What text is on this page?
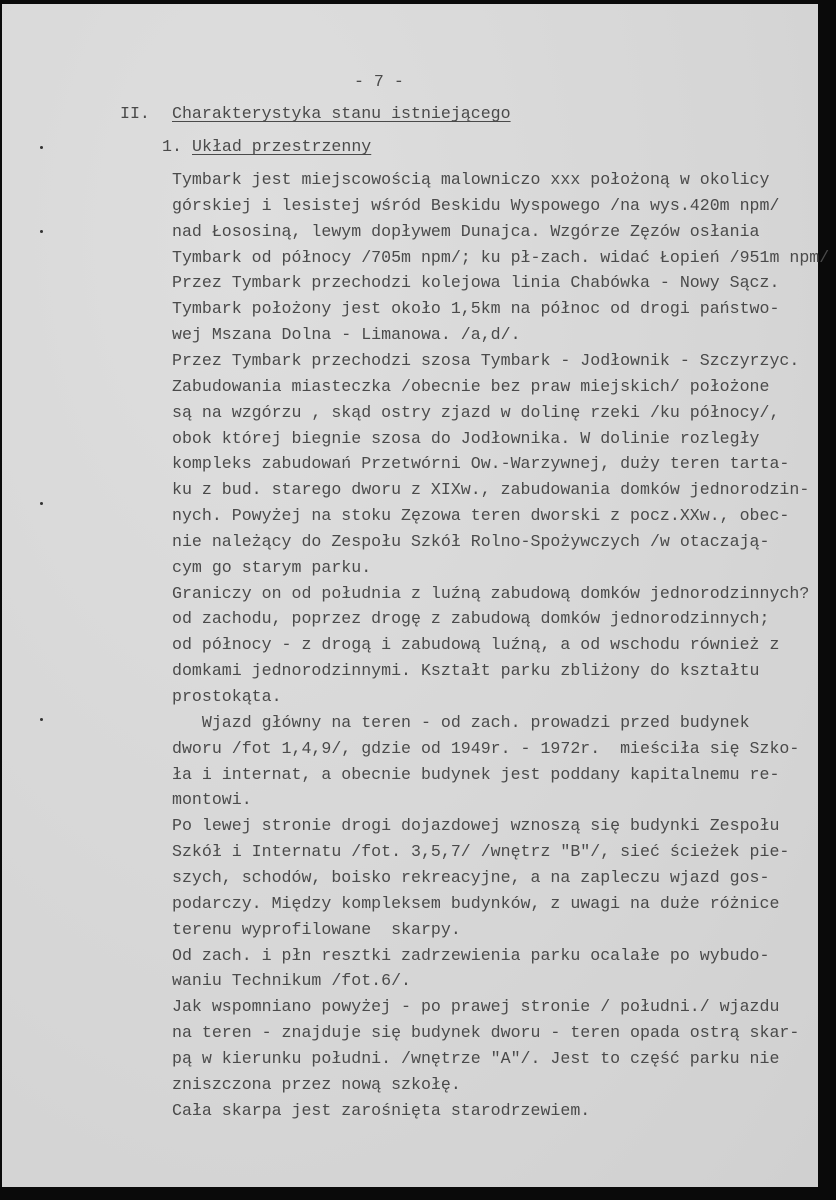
- 7 -
II. Charakterystyka stanu istniejącego
1. Układ przestrzenny
Tymbark jest miejscowością malowniczo xxx położoną w okolicy
górskiej i lesistej wśród Beskidu Wyspowego /na wys.420m npm/
nad Łososiną, lewym dopływem Dunajca. Wzgórze Zęzów osłania
Tymbark od północy /705m npm/; ku pł-zach. widać Łopień /951m npm/
Przez Tymbark przechodzi kolejowa linia Chabówka - Nowy Sącz.
Tymbark położony jest około 1,5km na północ od drogi państwo-
wej Mszana Dolna - Limanowa. /a,d/.
Przez Tymbark przechodzi szosa Tymbark - Jodłownik - Szczyrzyc.
Zabudowania miasteczka /obecnie bez praw miejskich/ położone
są na wzgórzu , skąd ostry zjazd w dolinę rzeki /ku północy/,
obok której biegnie szosa do Jodłownika. W dolinie rozległy
kompleks zabudowań Przetwórni Ow.-Warzywnej, duży teren tarta-
ku z bud. starego dworu z XIXw., zabudowania domków jednorodzin-
nych. Powyżej na stoku Zęzowa teren dworski z pocz.XXw., obec-
nie należący do Zespołu Szkół Rolno-Spożywczych /w otaczają-
cym go starym parku.
Graniczy on od południa z luźną zabudową domków jednorodzinnych?
od zachodu, poprzez drogę z zabudową domków jednorodzinnych;
od północy - z drogą i zabudową luźną, a od wschodu również z
domkami jednorodzinnymi. Kształt parku zbliżony do kształtu
prostokąta.
Wjazd główny na teren - od zach. prowadzi przed budynek
dworu /fot 1,4,9/, gdzie od 1949r. - 1972r.  mieściła się Szko-
ła i internat, a obecnie budynek jest poddany kapitalnemu re-
montowi.
Po lewej stronie drogi dojazdowej wznoszą się budynki Zespołu
Szkół i Internatu /fot. 3,5,7/ /wnętrz "B"/, sieć ścieżek pie-
szych, schodów, boisko rekreacyjne, a na zapleczu wjazd gos-
podarczy. Między kompleksem budynków, z uwagi na duże różnice
terenu wyprofilowane  skarpy.
Od zach. i płn resztki zadrzewienia parku ocalałe po wybudo-
waniu Technikum /fot.6/.
Jak wspomniano powyżej - po prawej stronie / południ./ wjazdu
na teren - znajduje się budynek dworu - teren opada ostrą skar-
pą w kierunku południ. /wnętrze "A"/. Jest to część parku nie
zniszczona przez nową szkołę.
Cała skarpa jest zarośnięta starodrzewiem.
